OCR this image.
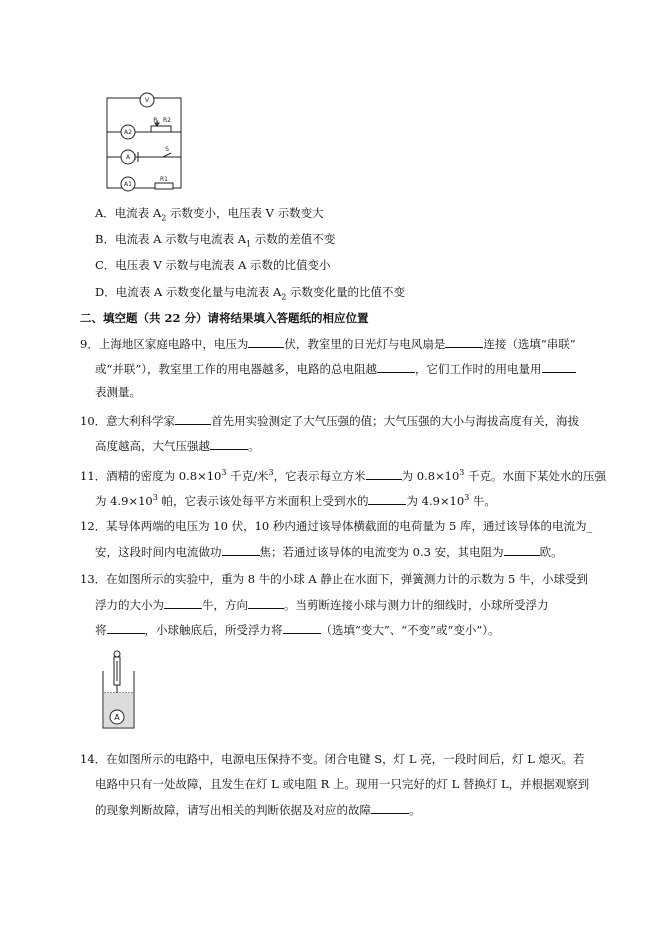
V
A2
P R2
A
S
A1
R1
A．电流表 $A_2$ 示数变小，电压表 V 示数变大
B．电流表 A 示数与电流表 $A_1$ 示数的差值不变
C．电压表 V 示数与电流表 A 示数的比值变小
D．电流表 A 示数变化量与电流表 $A_2$ 示数变化量的比值不变
二、填空题（共 22 分）请将结果填入答题纸的相应位置
9．上海地区家庭电路中，电压为	伏，教室里的日光灯与电风扇是	连接（选填“串联”
或“并联”），教室里工作的用电器越多，电路的总电阻越	，它们工作时的用电量用
表测量。
10．意大利科学家	首先用实验测定了大气压强的值；大气压强的大小与海拔高度有关，海拔
高度越高，大气压强越	。
11．酒精的密度为 $0.8\times 10^3$ 千克/米$^3$，它表示每立方米	为 $0.8\times 10^3$ 千克。水面下某处水的压强
为 $4.9\times 10^3$ 帕，它表示该处每平方米面积上受到水的	为 $4.9\times 10^3$ 牛。
12．某导体两端的电压为 10 伏，10 秒内通过该导体横截面的电荷量为 5 库，通过该导体的电流为_
安，这段时间内电流做功	焦；若通过该导体的电流变为 0.3 安，其电阻为	欧。
13．在如图所示的实验中，重为 8 牛的小球 A 静止在水面下，弹簧测力计的示数为 5 牛，小球受到
浮力的大小为	牛，方向	。当剪断连接小球与测力计的细线时，小球所受浮力
将	，小球触底后，所受浮力将	（选填“变大”、“不变”或“变小”）。
A
14．在如图所示的电路中，电源电压保持不变。闭合电键 S，灯 L 亮，一段时间后，灯 L 熄灭。若
电路中只有一处故障，且发生在灯 L 或电阻 R 上。现用一只完好的灯 L 替换灯 L，并根据观察到
的现象判断故障，请写出相关的判断依据及对应的故障	。
